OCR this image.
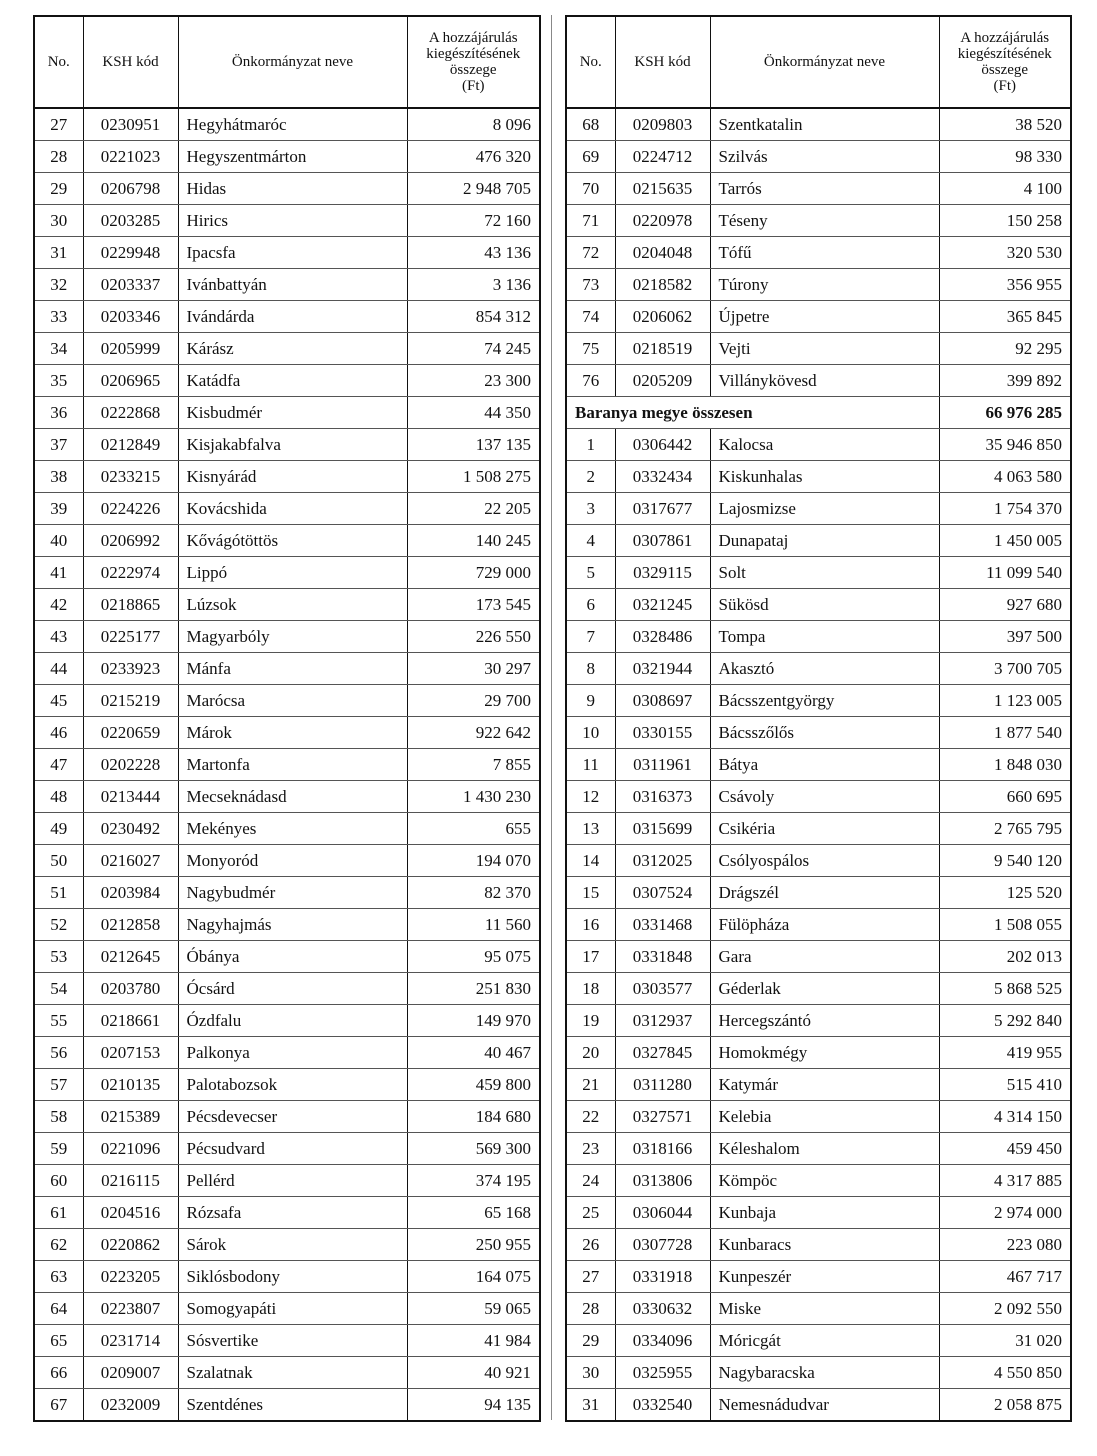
No.	KSH kód	Önkormányzat neve	A hozzájárulás
kiegészítésének
összege
(Ft)

27	0230951	Hegyhátmaróc	8 096
28	0221023	Hegyszentmárton	476 320
29	0206798	Hidas	2 948 705
30	0203285	Hirics	72 160
31	0229948	Ipacsfa	43 136
32	0203337	Ivánbattyán	3 136
33	0203346	Ivándárda	854 312
34	0205999	Kárász	74 245
35	0206965	Katádfa	23 300
36	0222868	Kisbudmér	44 350
37	0212849	Kisjakabfalva	137 135
38	0233215	Kisnyárád	1 508 275
39	0224226	Kovácshida	22 205
40	0206992	Kővágótöttös	140 245
41	0222974	Lippó	729 000
42	0218865	Lúzsok	173 545
43	0225177	Magyarbóly	226 550
44	0233923	Mánfa	30 297
45	0215219	Marócsa	29 700
46	0220659	Márok	922 642
47	0202228	Martonfa	7 855
48	0213444	Mecseknádasd	1 430 230
49	0230492	Mekényes	655
50	0216027	Monyoród	194 070
51	0203984	Nagybudmér	82 370
52	0212858	Nagyhajmás	11 560
53	0212645	Óbánya	95 075
54	0203780	Ócsárd	251 830
55	0218661	Ózdfalu	149 970
56	0207153	Palkonya	40 467
57	0210135	Palotabozsok	459 800
58	0215389	Pécsdevecser	184 680
59	0221096	Pécsudvard	569 300
60	0216115	Pellérd	374 195
61	0204516	Rózsafa	65 168
62	0220862	Sárok	250 955
63	0223205	Siklósbodony	164 075
64	0223807	Somogyapáti	59 065
65	0231714	Sósvertike	41 984
66	0209007	Szalatnak	40 921
67	0232009	Szentdénes	94 135
No.	KSH kód	Önkormányzat neve	A hozzájárulás
kiegészítésének
összege
(Ft)

68	0209803	Szentkatalin	38 520
69	0224712	Szilvás	98 330
70	0215635	Tarrós	4 100
71	0220978	Téseny	150 258
72	0204048	Tófű	320 530
73	0218582	Túrony	356 955
74	0206062	Újpetre	365 845
75	0218519	Vejti	92 295
76	0205209	Villánykövesd	399 892
Baranya megye összesen			66 976 285
1	0306442	Kalocsa	35 946 850
2	0332434	Kiskunhalas	4 063 580
3	0317677	Lajosmizse	1 754 370
4	0307861	Dunapataj	1 450 005
5	0329115	Solt	11 099 540
6	0321245	Sükösd	927 680
7	0328486	Tompa	397 500
8	0321944	Akasztó	3 700 705
9	0308697	Bácsszentgyörgy	1 123 005
10	0330155	Bácsszőlős	1 877 540
11	0311961	Bátya	1 848 030
12	0316373	Csávoly	660 695
13	0315699	Csikéria	2 765 795
14	0312025	Csólyospálos	9 540 120
15	0307524	Drágszél	125 520
16	0331468	Fülöpháza	1 508 055
17	0331848	Gara	202 013
18	0303577	Géderlak	5 868 525
19	0312937	Hercegszántó	5 292 840
20	0327845	Homokmégy	419 955
21	0311280	Katymár	515 410
22	0327571	Kelebia	4 314 150
23	0318166	Kéleshalom	459 450
24	0313806	Kömpöc	4 317 885
25	0306044	Kunbaja	2 974 000
26	0307728	Kunbaracs	223 080
27	0331918	Kunpeszér	467 717
28	0330632	Miske	2 092 550
29	0334096	Móricgát	31 020
30	0325955	Nagybaracska	4 550 850
31	0332540	Nemesnádudvar	2 058 875
